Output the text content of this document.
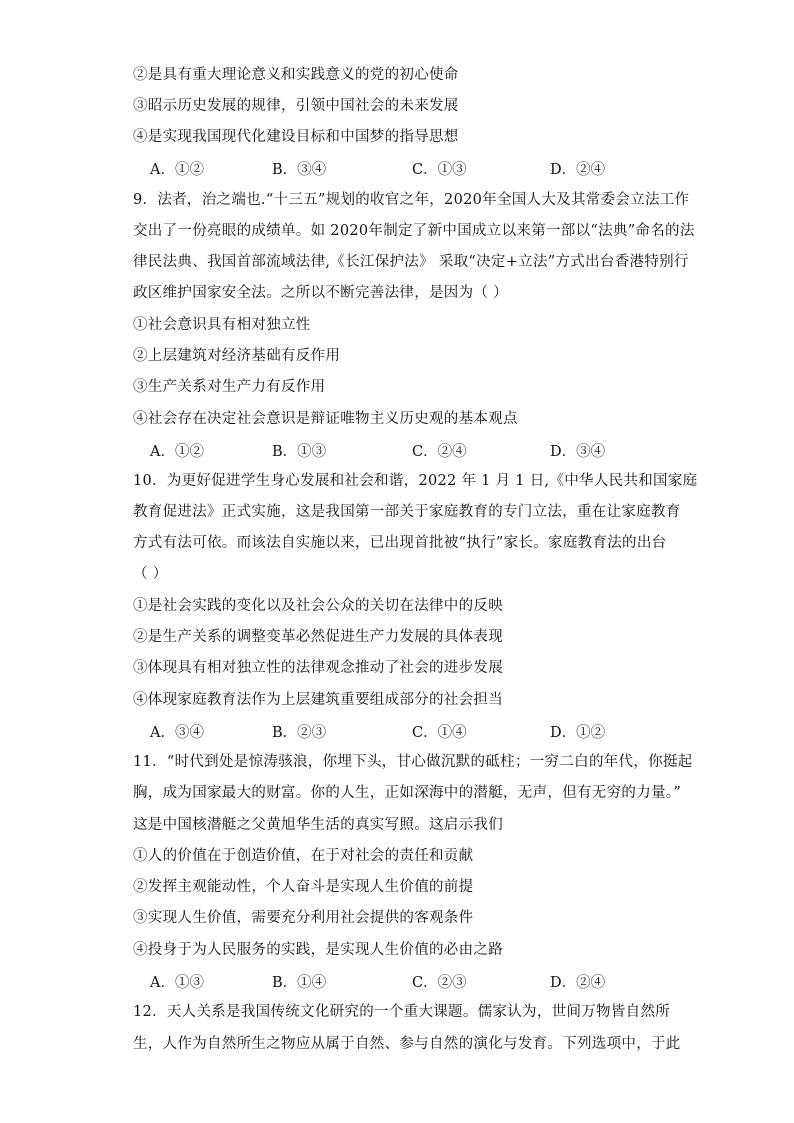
②是具有重大理论意义和实践意义的党的初心使命
③昭示历史发展的规律，引领中国社会的未来发展
④是实现我国现代化建设目标和中国梦的指导思想
A．①②	B．③④	C．①③	D．②④
9．法者，治之端也.“十三五”规划的收官之年，2020年全国人大及其常委会立法工作
交出了一份亮眼的成绩单。如 2020年制定了新中国成立以来第一部以“法典”命名的法
律民法典、我国首部流域法律,《长江保护法》 采取“决定+立法”方式出台香港特别行
政区维护国家安全法。之所以不断完善法律，是因为（ ）
①社会意识具有相对独立性
②上层建筑对经济基础有反作用
③生产关系对生产力有反作用
④社会存在决定社会意识是辩证唯物主义历史观的基本观点
A．①②	B．①③	C．②④	D．③④
10．为更好促进学生身心发展和社会和谐，2022 年 1 月 1 日,《中华人民共和国家庭
教育促进法》正式实施，这是我国第一部关于家庭教育的专门立法，重在让家庭教育
方式有法可依。而该法自实施以来，已出现首批被“执行”家长。家庭教育法的出台
（ ）
①是社会实践的变化以及社会公众的关切在法律中的反映
②是生产关系的调整变革必然促进生产力发展的具体表现
③体现具有相对独立性的法律观念推动了社会的进步发展
④体现家庭教育法作为上层建筑重要组成部分的社会担当
A．③④	B．②③	C．①④	D．①②
11．“时代到处是惊涛骇浪，你埋下头，甘心做沉默的砥柱；一穷二白的年代，你挺起
胸，成为国家最大的财富。你的人生，正如深海中的潜艇，无声，但有无穷的力量。”
这是中国核潜艇之父黄旭华生活的真实写照。这启示我们
①人的价值在于创造价值，在于对社会的责任和贡献
②发挥主观能动性，个人奋斗是实现人生价值的前提
③实现人生价值，需要充分利用社会提供的客观条件
④投身于为人民服务的实践，是实现人生价值的必由之路
A．①③	B．①④	C．②③	D．②④
12．天人关系是我国传统文化研究的一个重大课题。儒家认为，世间万物皆自然所
生，人作为自然所生之物应从属于自然、参与自然的演化与发育。下列选项中，于此
